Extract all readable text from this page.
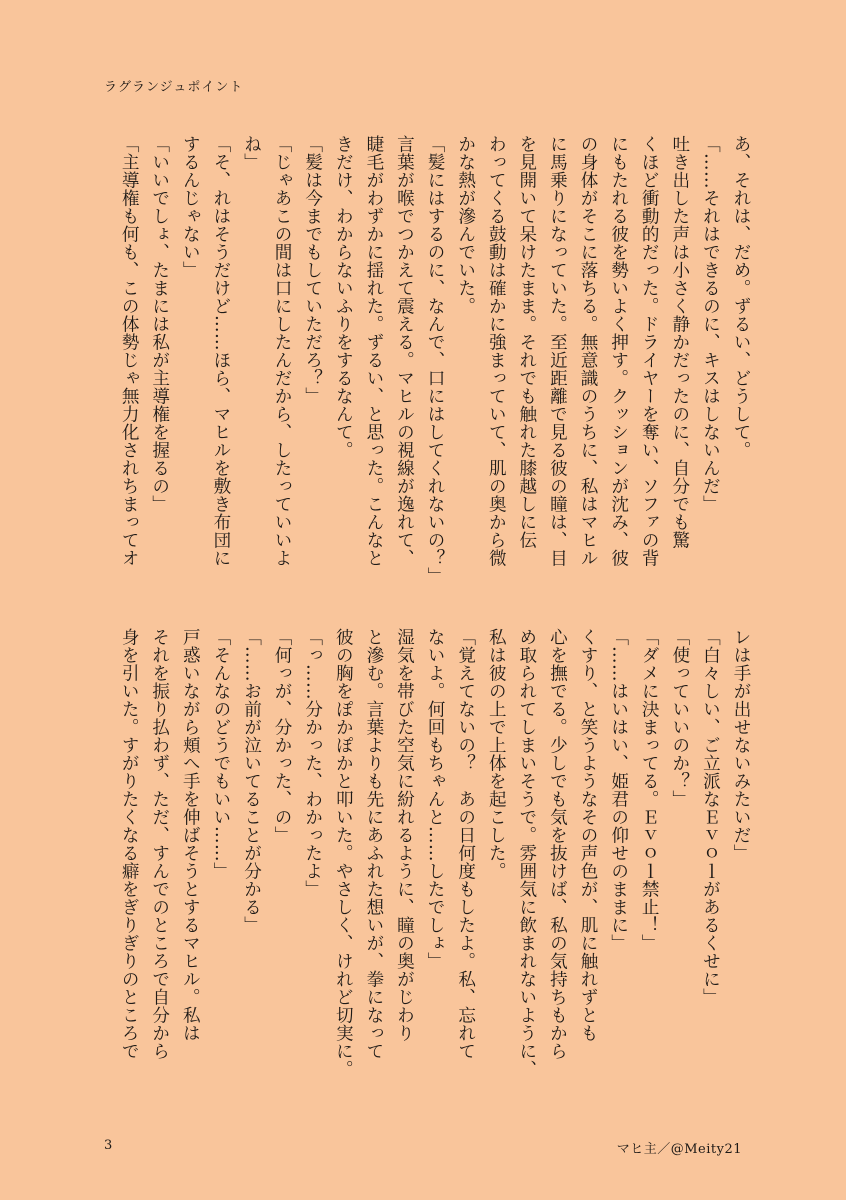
ラグランジュポイント
あ、それは、だめ。ずるい、どうして。
「……それはできるのに、キスはしないんだ」
吐き出した声は小さく静かだったのに、自分でも驚
くほど衝動的だった。ドライヤーを奪い、ソファの背
にもたれる彼を勢いよく押す。クッションが沈み、彼
の身体がそこに落ちる。無意識のうちに、私はマヒル
に馬乗りになっていた。至近距離で見る彼の瞳は、目
を見開いて呆けたまま。それでも触れた膝越しに伝
わってくる鼓動は確かに強まっていて、肌の奥から微
かな熱が滲んでいた。
「髪にはするのに、なんで、口にはしてくれないの？」
言葉が喉でつかえて震える。マヒルの視線が逸れて、
睫毛がわずかに揺れた。ずるい、と思った。こんなと
きだけ、わからないふりをするなんて。
「髪は今までもしていただろ？」
「じゃあこの間は口にしたんだから、したっていいよ
ね」
「そ、れはそうだけど……ほら、マヒルを敷き布団に
するんじゃない」
「いいでしょ、たまには私が主導権を握るの」
「主導権も何も、この体勢じゃ無力化されちまってオ
レは手が出せないみたいだ」
「白々しい、ご立派なＥｖｏｌがあるくせに」
「使っていいのか？」
「ダメに決まってる。Ｅｖｏｌ禁止！」
「……はいはい、姫君の仰せのままに」
くすり、と笑うようなその声色が、肌に触れずとも
心を撫でる。少しでも気を抜けば、私の気持ちもから
め取られてしまいそうで。雰囲気に飲まれないように、
私は彼の上で上体を起こした。
「覚えてないの？　あの日何度もしたよ。私、忘れて
ないよ。何回もちゃんと……したでしょ」
湿気を帯びた空気に紛れるように、瞳の奥がじわり
と滲む。言葉よりも先にあふれた想いが、拳になって
彼の胸をぽかぽかと叩いた。やさしく、けれど切実に。
「っ……分かった、わかったよ」
「何っが、分かった、の」
「……お前が泣いてることが分かる」
「そんなのどうでもいい……」
戸惑いながら頬へ手を伸ばそうとするマヒル。私は
それを振り払わず、ただ、すんでのところで自分から
身を引いた。すがりたくなる癖をぎりぎりのところで
3	マヒ主／@Meity21
